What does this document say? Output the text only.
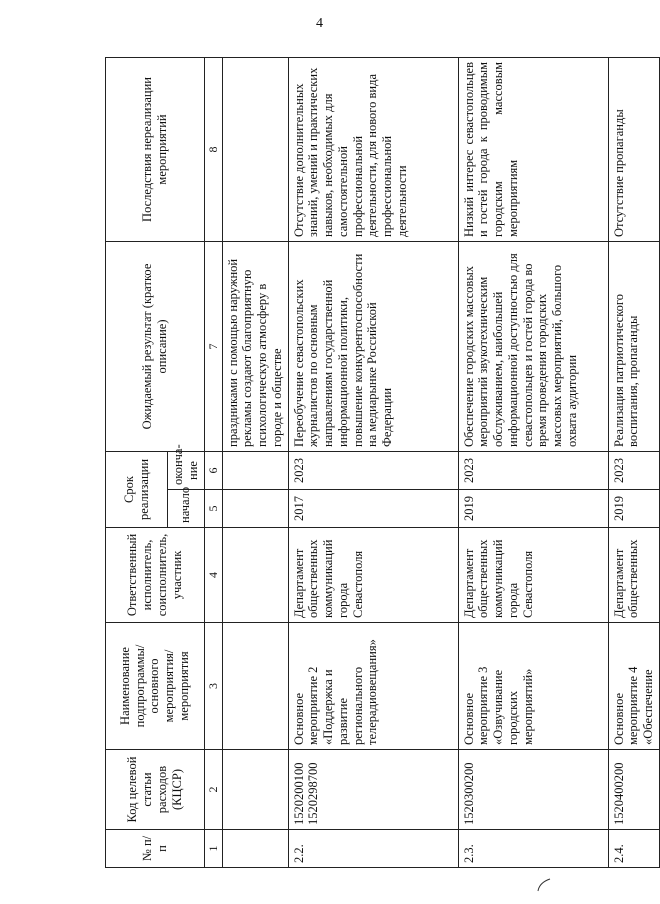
4
№ п/п	Код целевой статьи расходов (КЦСР)	Наименование подпрограммы/ основного мероприятия/ мероприятия	Ответственный исполнитель, соисполнитель, участник	Срок реализации		Ожидаемый результат (краткое описание)	Последствия нереализации мероприятий
				начало	оконча-ние		
1	2	3	4	5	6	7	8
						праздниками с помощью наружной рекламы создают благоприятную психологическую атмосферу в городе и обществе	
2.2.	1520200100 1520298700	Основное мероприятие 2 «Поддержка и развитие регионального телерадиовещания»	Департамент общественных коммуникаций города Севастополя	2017	2023	Переобучение севастопольских журналистов по основным направлениям государственной информационной политики, повышение конкурентоспособности на медиарынке Российской Федерации	Отсутствие дополнительных знаний, умений и практических навыков, необходимых для самостоятельной профессиональной деятельности, для нового вида профессиональной деятельности
2.3.	1520300200	Основное мероприятие 3 «Озвучивание городских мероприятий»	Департамент общественных коммуникаций города Севастополя	2019	2023	Обеспечение городских массовых мероприятий звукотехническим обслуживанием, наибольшей информационной доступностью для севастопольцев и гостей города во время проведения городских массовых мероприятий, большого охвата аудитории	Низкий интерес севастопольцев и гостей города к проводимым городским массовым мероприятиям
2.4.	1520400200	Основное мероприятие 4 «Обеспечение	Департамент общественных	2019	2023	Реализация патриотического воспитания, пропаганды	Отсутствие пропаганды
